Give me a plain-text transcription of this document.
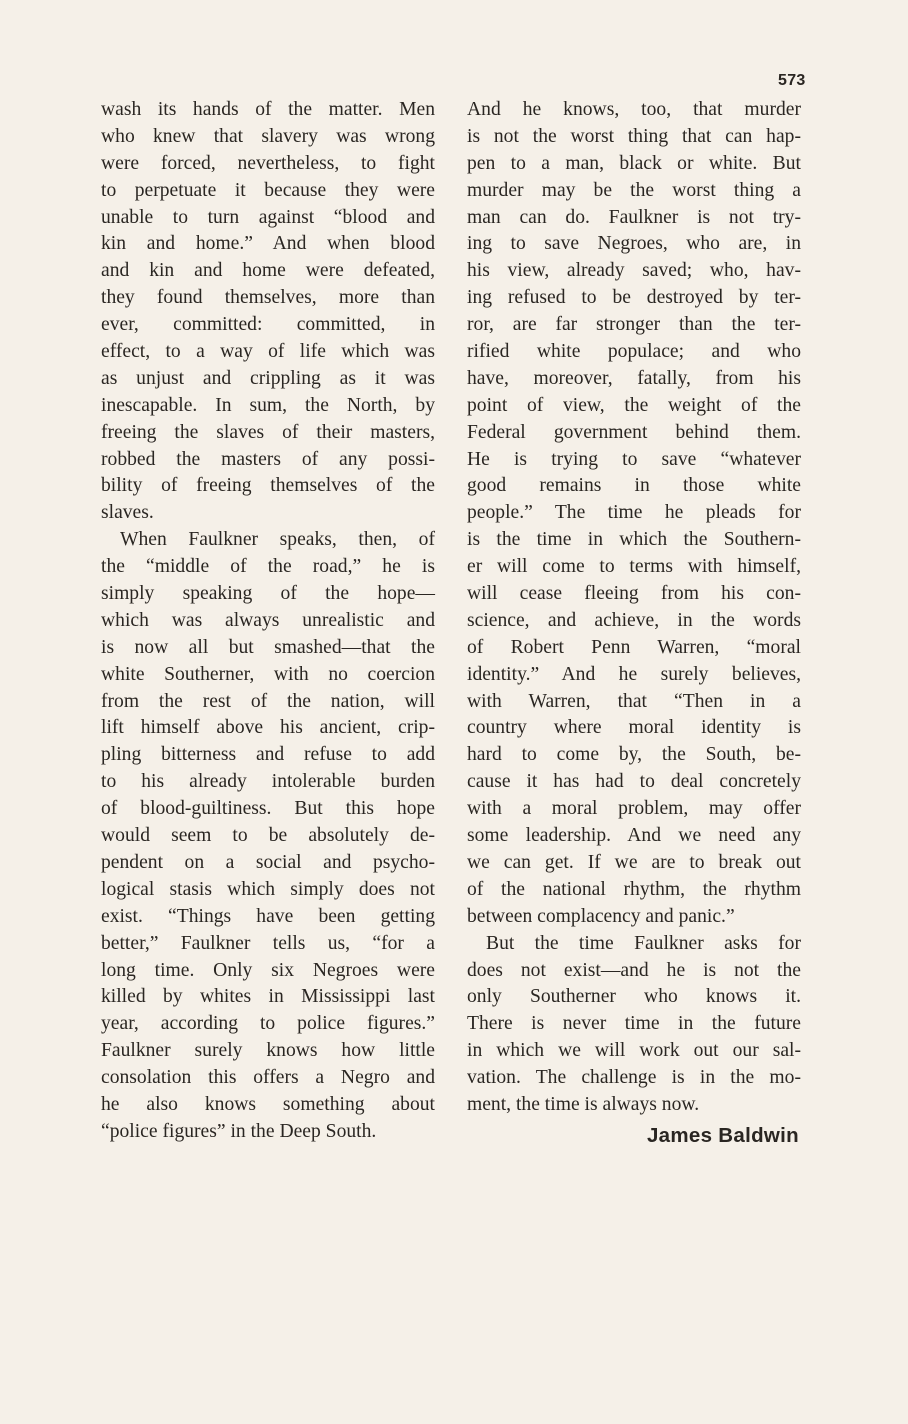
573
wash its hands of the matter. Men
who knew that slavery was wrong
were forced, nevertheless, to fight
to perpetuate it because they were
unable to turn against “blood and
kin and home.” And when blood
and kin and home were defeated,
they found themselves, more than
ever, committed: committed, in
effect, to a way of life which was
as unjust and crippling as it was
inescapable. In sum, the North, by
freeing the slaves of their masters,
robbed the masters of any possi-
bility of freeing themselves of the
slaves.
When Faulkner speaks, then, of
the “middle of the road,” he is
simply speaking of the hope—
which was always unrealistic and
is now all but smashed—that the
white Southerner, with no coercion
from the rest of the nation, will
lift himself above his ancient, crip-
pling bitterness and refuse to add
to his already intolerable burden
of blood-guiltiness. But this hope
would seem to be absolutely de-
pendent on a social and psycho-
logical stasis which simply does not
exist. “Things have been getting
better,” Faulkner tells us, “for a
long time. Only six Negroes were
killed by whites in Mississippi last
year, according to police figures.”
Faulkner surely knows how little
consolation this offers a Negro and
he also knows something about
“police figures” in the Deep South.
And he knows, too, that murder
is not the worst thing that can hap-
pen to a man, black or white. But
murder may be the worst thing a
man can do. Faulkner is not try-
ing to save Negroes, who are, in
his view, already saved; who, hav-
ing refused to be destroyed by ter-
ror, are far stronger than the ter-
rified white populace; and who
have, moreover, fatally, from his
point of view, the weight of the
Federal government behind them.
He is trying to save “whatever
good remains in those white
people.” The time he pleads for
is the time in which the Southern-
er will come to terms with himself,
will cease fleeing from his con-
science, and achieve, in the words
of Robert Penn Warren, “moral
identity.” And he surely believes,
with Warren, that “Then in a
country where moral identity is
hard to come by, the South, be-
cause it has had to deal concretely
with a moral problem, may offer
some leadership. And we need any
we can get. If we are to break out
of the national rhythm, the rhythm
between complacency and panic.”
But the time Faulkner asks for
does not exist—and he is not the
only Southerner who knows it.
There is never time in the future
in which we will work out our sal-
vation. The challenge is in the mo-
ment, the time is always now.
James Baldwin
